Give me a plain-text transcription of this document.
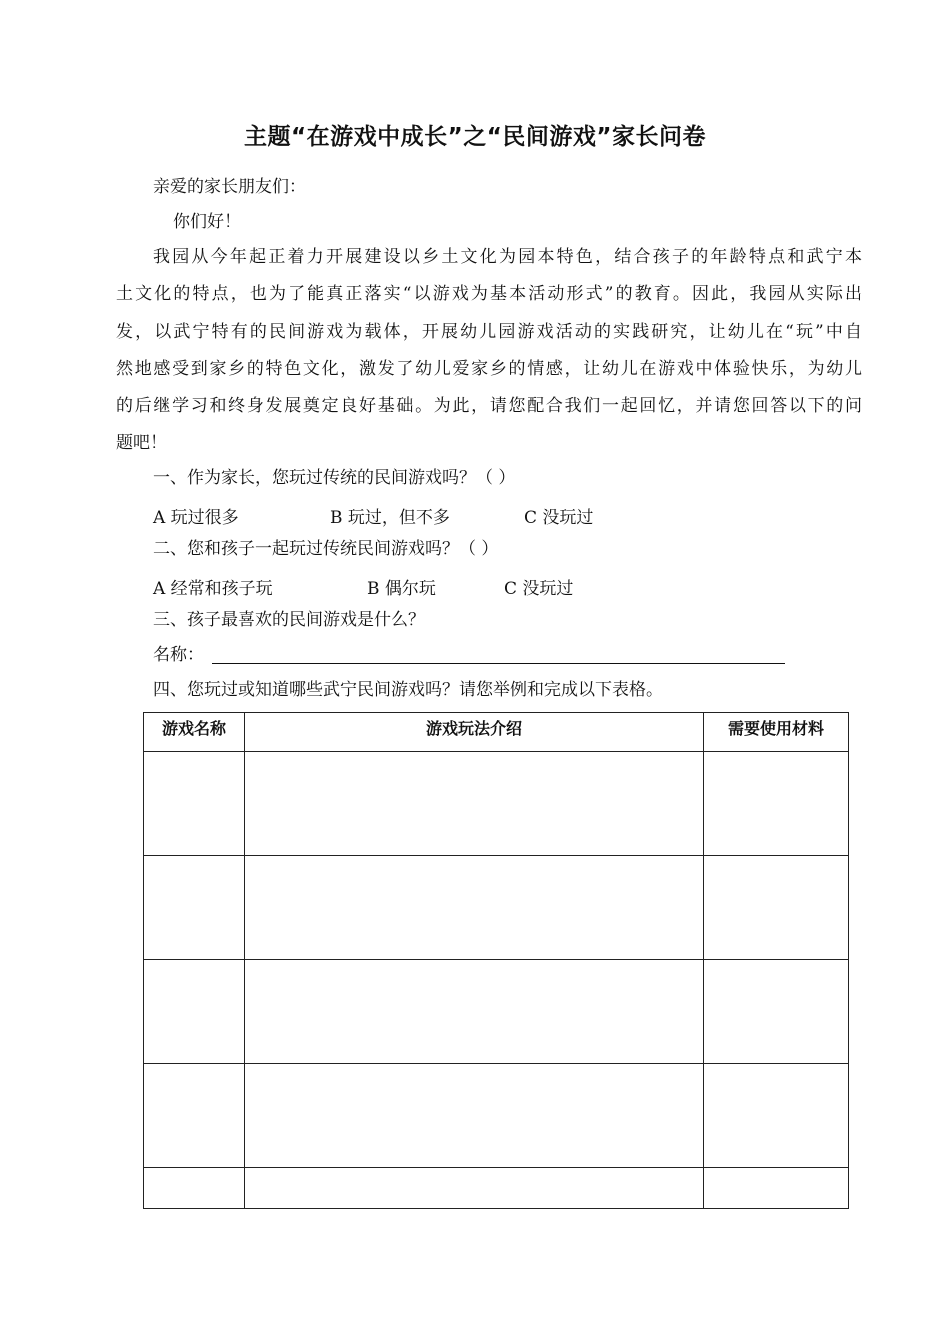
主题“在游戏中成长”之“民间游戏”家长问卷
亲爱的家长朋友们：
你们好！
我园从今年起正着力开展建设以乡土文化为园本特色，结合孩子的年龄特点和武宁本
土文化的特点，也为了能真正落实“以游戏为基本活动形式”的教育。因此，我园从实际出
发，以武宁特有的民间游戏为载体，开展幼儿园游戏活动的实践研究，让幼儿在“玩”中自
然地感受到家乡的特色文化，激发了幼儿爱家乡的情感，让幼儿在游戏中体验快乐，为幼儿
的后继学习和终身发展奠定良好基础。为此，请您配合我们一起回忆，并请您回答以下的问
题吧！
一、作为家长，您玩过传统的民间游戏吗？（ ）
A 玩过很多	B 玩过，但不多	C 没玩过
二、您和孩子一起玩过传统民间游戏吗？（ ）
A 经常和孩子玩	B 偶尔玩	C 没玩过
三、孩子最喜欢的民间游戏是什么？
名称：
四、您玩过或知道哪些武宁民间游戏吗？请您举例和完成以下表格。
游戏名称	游戏玩法介绍	需要使用材料
